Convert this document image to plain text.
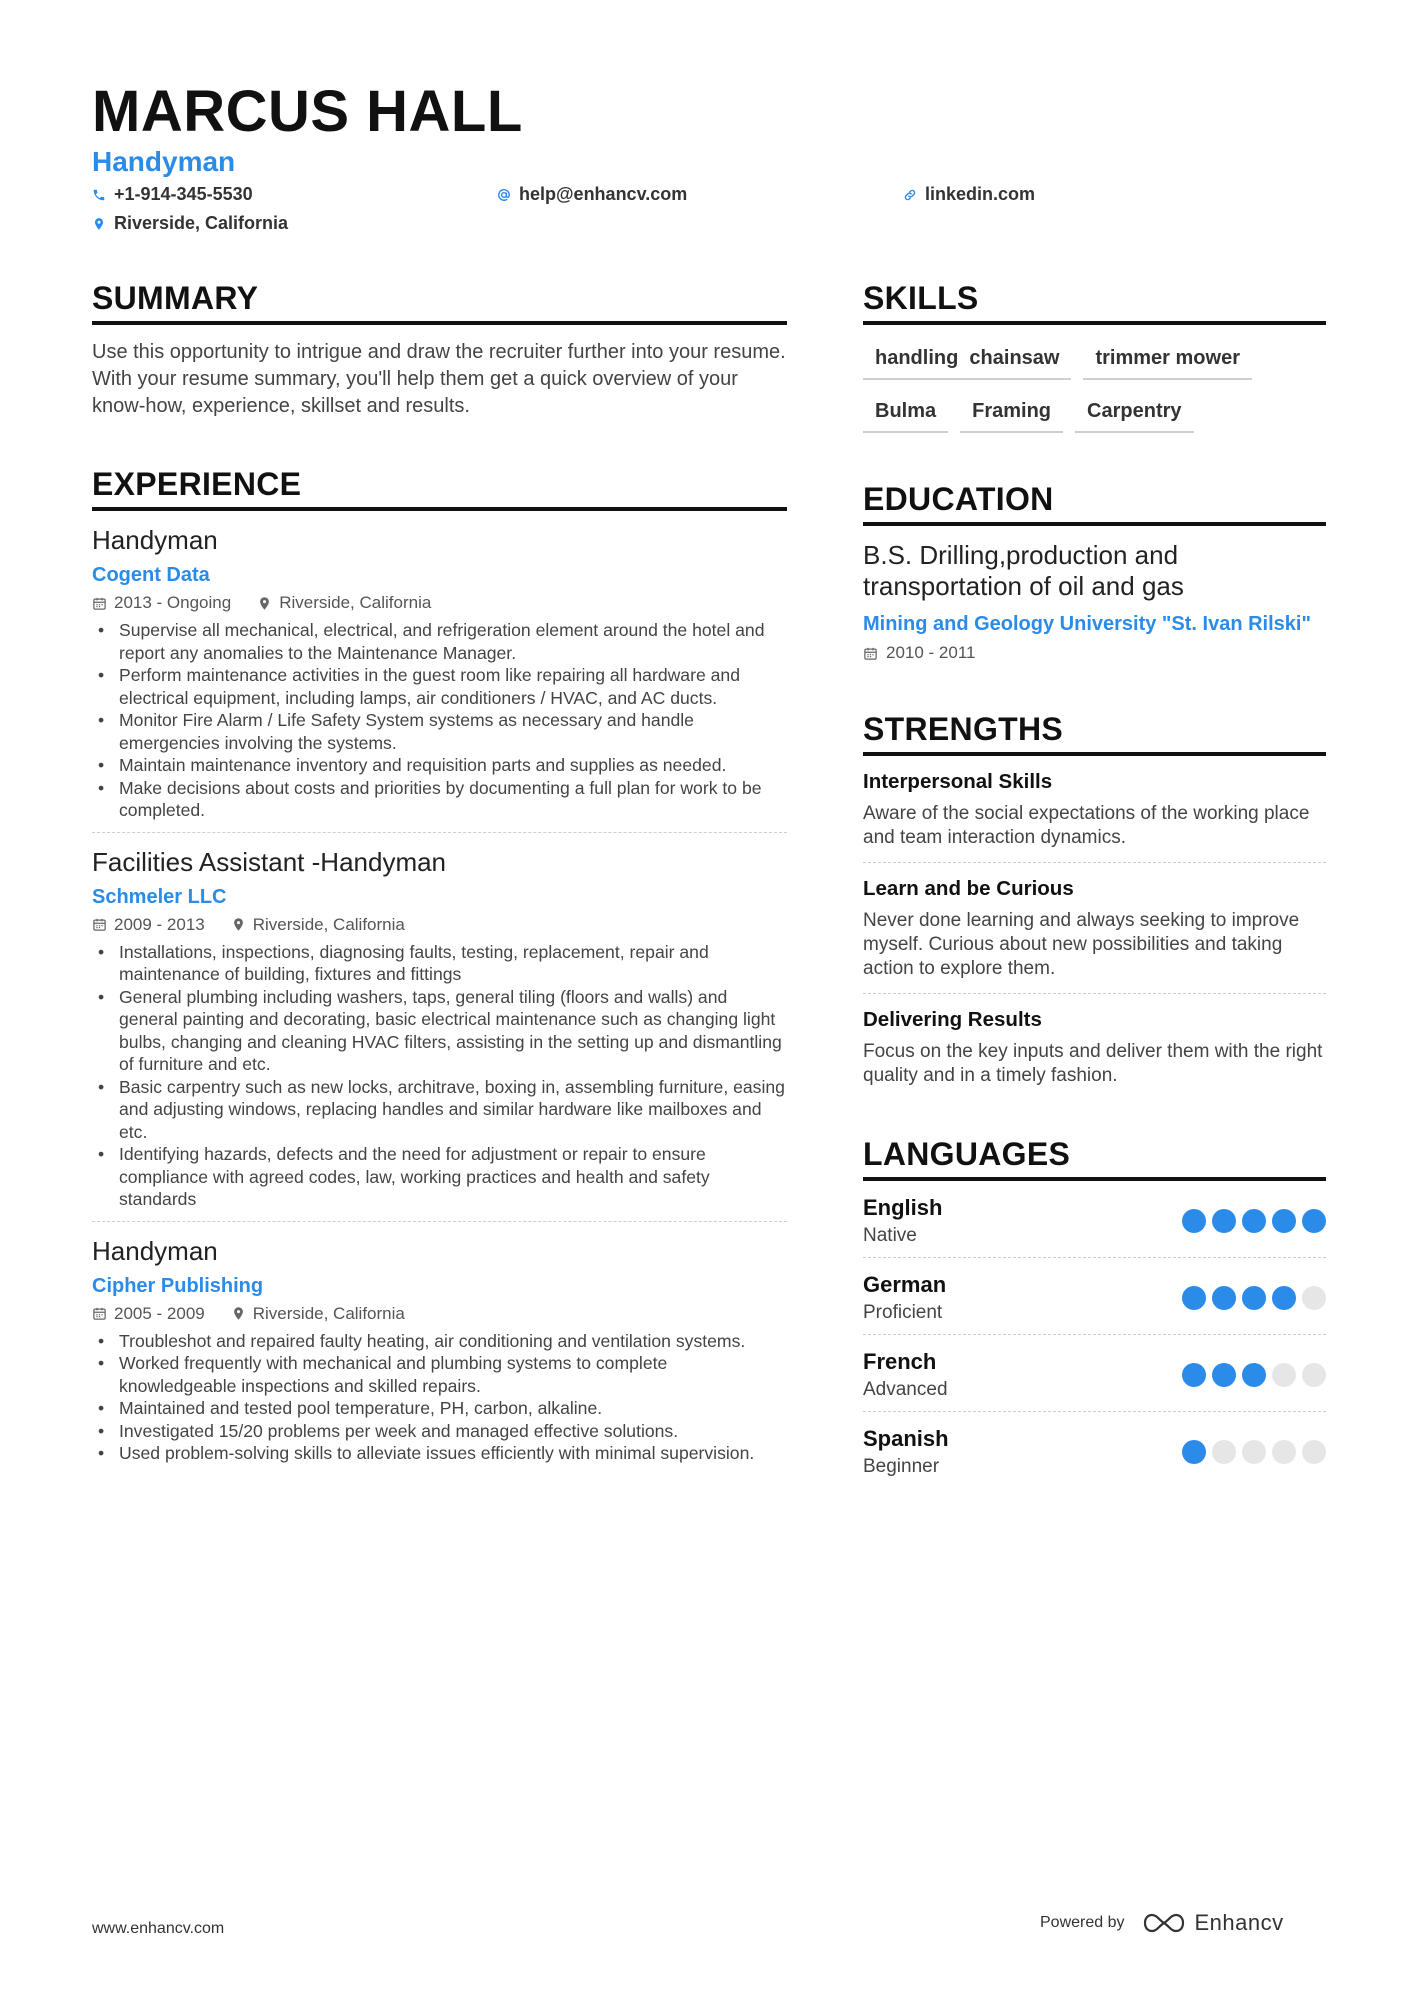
MARCUS HALL
Handyman
+1-914-345-5530	help@enhancv.com	linkedin.com
Riverside, California
SUMMARY
Use this opportunity to intrigue and draw the recruiter further into your resume. With your resume summary, you'll help them get a quick overview of your know-how, experience, skillset and results.
EXPERIENCE
Handyman
Cogent Data
2013 - Ongoing	Riverside, California
• Supervise all mechanical, electrical, and refrigeration element around the hotel and report any anomalies to the Maintenance Manager.
• Perform maintenance activities in the guest room like repairing all hardware and electrical equipment, including lamps, air conditioners / HVAC, and AC ducts.
• Monitor Fire Alarm / Life Safety System systems as necessary and handle emergencies involving the systems.
• Maintain maintenance inventory and requisition parts and supplies as needed.
• Make decisions about costs and priorities by documenting a full plan for work to be completed.
Facilities Assistant -Handyman
Schmeler LLC
2009 - 2013	Riverside, California
• Installations, inspections, diagnosing faults, testing, replacement, repair and maintenance of building, fixtures and fittings
• General plumbing including washers, taps, general tiling (floors and walls) and general painting and decorating, basic electrical maintenance such as changing light bulbs, changing and cleaning HVAC filters, assisting in the setting up and dismantling of furniture and etc.
• Basic carpentry such as new locks, architrave, boxing in, assembling furniture, easing and adjusting windows, replacing handles and similar hardware like mailboxes and etc.
• Identifying hazards, defects and the need for adjustment or repair to ensure compliance with agreed codes, law, working practices and health and safety standards
Handyman
Cipher Publishing
2005 - 2009	Riverside, California
• Troubleshot and repaired faulty heating, air conditioning and ventilation systems.
• Worked frequently with mechanical and plumbing systems to complete knowledgeable inspections and skilled repairs.
• Maintained and tested pool temperature, PH, carbon, alkaline.
• Investigated 15/20 problems per week and managed effective solutions.
• Used problem-solving skills to alleviate issues efficiently with minimal supervision.
SKILLS
handling  chainsaw	trimmer mower
Bulma	Framing	Carpentry
EDUCATION
B.S. Drilling,production and transportation of oil and gas
Mining and Geology University "St. Ivan Rilski"
2010 - 2011
STRENGTHS
Interpersonal Skills
Aware of the social expectations of the working place and team interaction dynamics.
Learn and be Curious
Never done learning and always seeking to improve myself. Curious about new possibilities and taking action to explore them.
Delivering Results
Focus on the key inputs and deliver them with the right quality and in a timely fashion.
LANGUAGES
English
Native
German
Proficient
French
Advanced
Spanish
Beginner
www.enhancv.com	Powered by	Enhancv
